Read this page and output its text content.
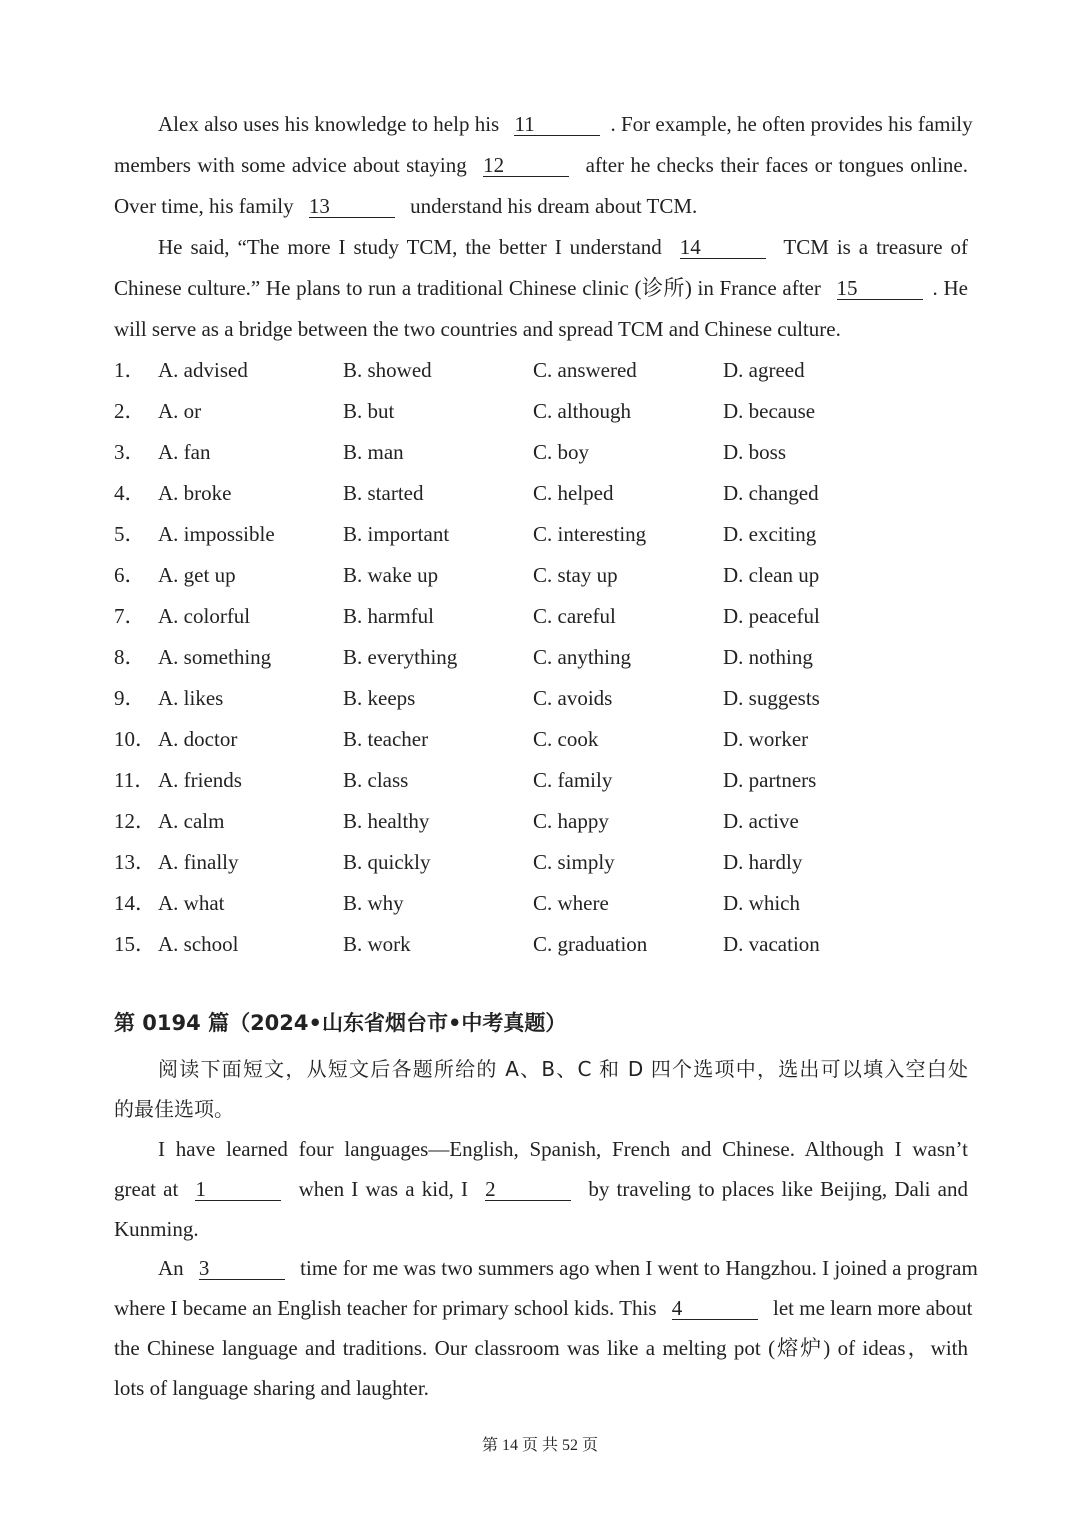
Alex also uses his knowledge to help his 11	. For example, he often provides his family
members with some advice about staying 12	after he checks their faces or tongues online.
Over time, his family 13	understand his dream about TCM.
He said, “The more I study TCM, the better I understand 14	TCM is a treasure of
Chinese culture.” He plans to run a traditional Chinese clinic (诊所) in France after 15	. He
will serve as a bridge between the two countries and spread TCM and Chinese culture.
1． A. advised	B. showed	C. answered	D. agreed
2． A. or	B. but	C. although	D. because
3． A. fan	B. man	C. boy	D. boss
4． A. broke	B. started	C. helped	D. changed
5． A. impossible	B. important	C. interesting	D. exciting
6． A. get up	B. wake up	C. stay up	D. clean up
7． A. colorful	B. harmful	C. careful	D. peaceful
8． A. something	B. everything	C. anything	D. nothing
9． A. likes	B. keeps	C. avoids	D. suggests
10． A. doctor	B. teacher	C. cook	D. worker
11． A. friends	B. class	C. family	D. partners
12． A. calm	B. healthy	C. happy	D. active
13． A. finally	B. quickly	C. simply	D. hardly
14． A. what	B. why	C. where	D. which
15． A. school	B. work	C. graduation	D. vacation
第 0194 篇（2024•山东省烟台市•中考真题）
阅读下面短文，从短文后各题所给的 A、B、C 和 D 四个选项中，选出可以填入空白处
的最佳选项。
I have learned four languages—English, Spanish, French and Chinese. Although I wasn’t
great at 1	when I was a kid, I 2	by traveling to places like Beijing, Dali and
Kunming.
An 3	time for me was two summers ago when I went to Hangzhou. I joined a program
where I became an English teacher for primary school kids. This 4	let me learn more about
the Chinese language and traditions. Our classroom was like a melting pot (熔炉) of ideas，with
lots of language sharing and laughter.
第 14 页 共 52 页
